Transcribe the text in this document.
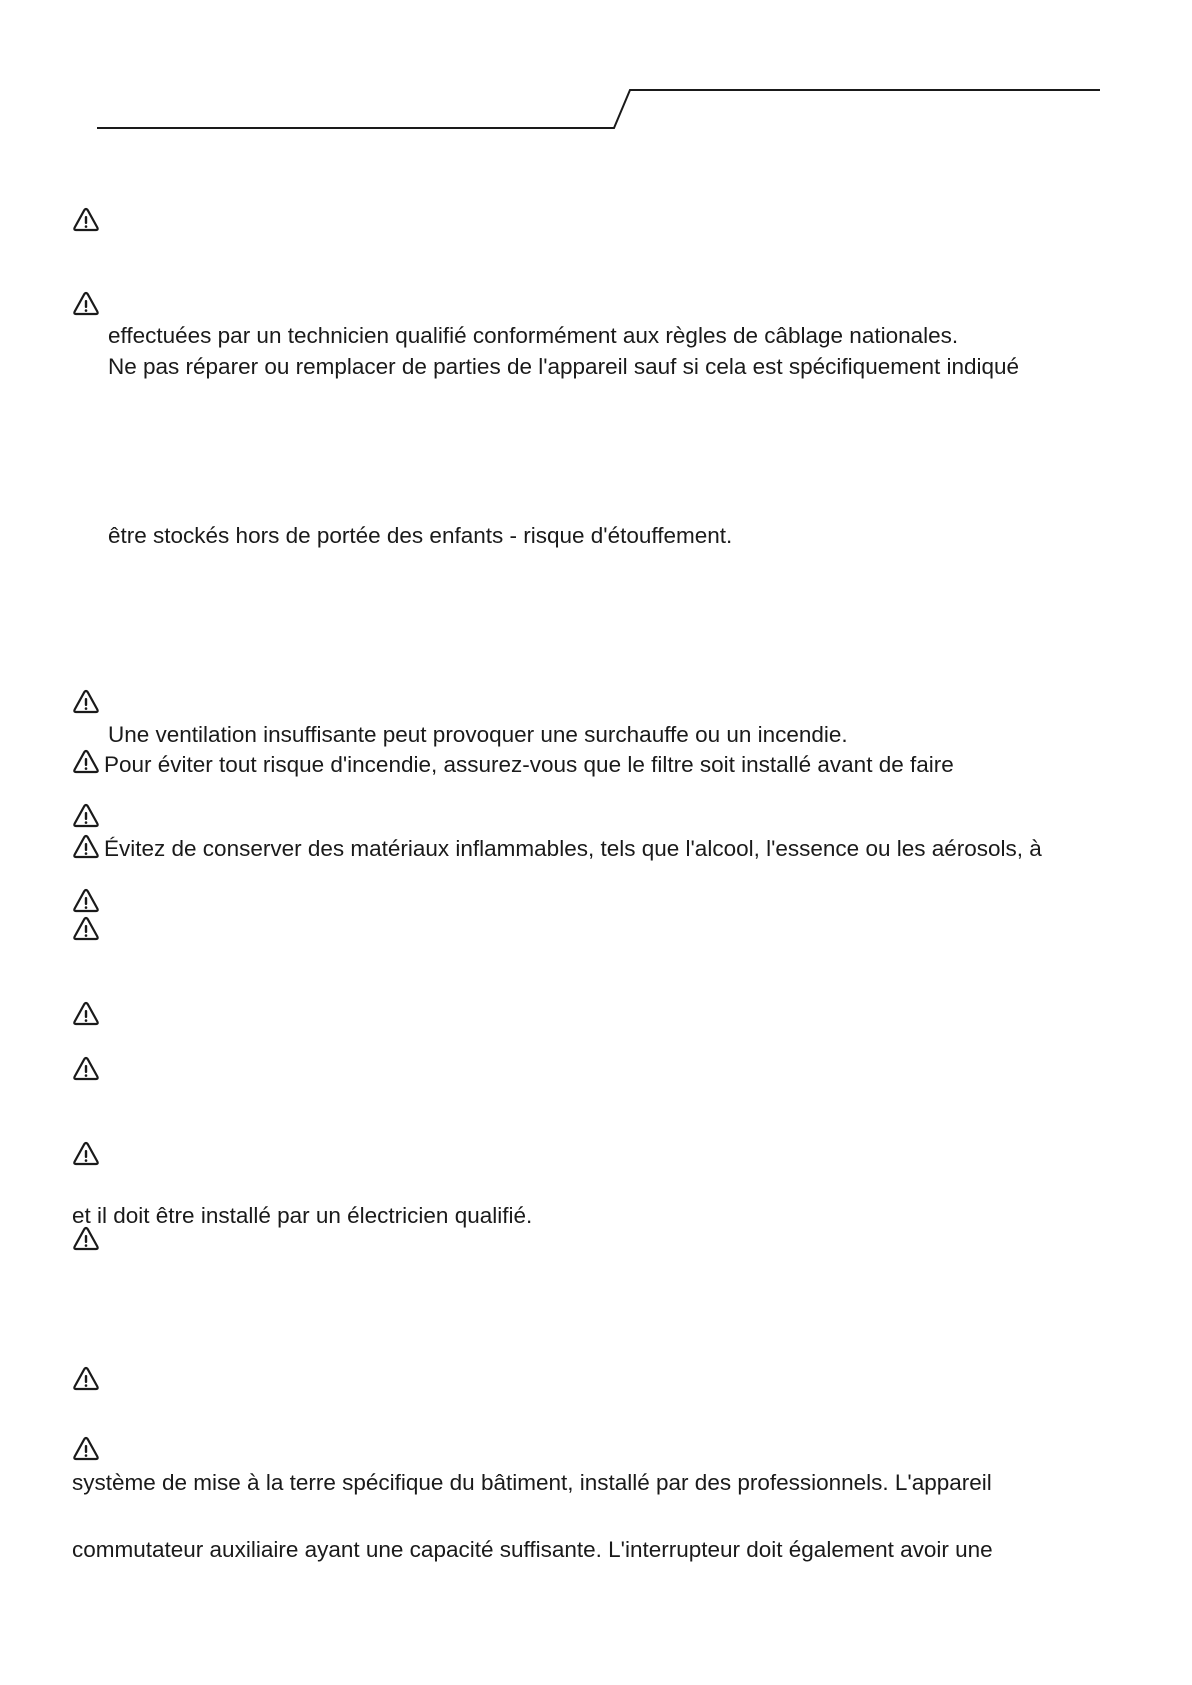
effectuées par un technicien qualifié conformément aux règles de câblage nationales.
Ne pas réparer ou remplacer de parties de l'appareil sauf si cela est spécifiquement indiqué
être stockés hors de portée des enfants - risque d'étouffement.
Une ventilation insuffisante peut provoquer une surchauffe ou un incendie.
Pour éviter tout risque d'incendie, assurez-vous que le filtre soit installé avant de faire
Évitez de conserver des matériaux inflammables, tels que l'alcool, l'essence ou les aérosols, à
et il doit être installé par un électricien qualifié.
système de mise à la terre spécifique du bâtiment, installé par des professionnels. L'appareil
commutateur auxiliaire ayant une capacité suffisante. L'interrupteur doit également avoir une
